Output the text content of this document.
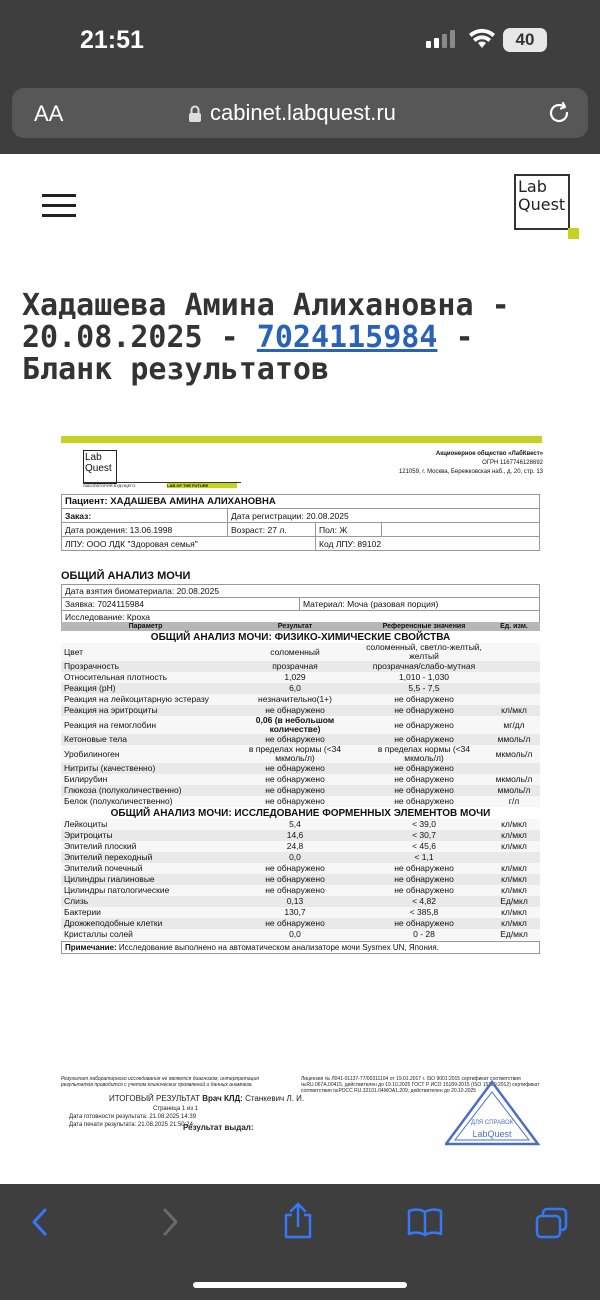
21:51	40
AA	cabinet.labquest.ru
Lab
Quest
Хадашева Амина Алихановна -
20.08.2025 - 7024115984 -
Бланк результатов
Lab
Quest
ЛАБОРАТОРИЯ БУДУЩЕГО	LAB OF THE FUTURE
Акционерное общество «ЛабКвест»
ОГРН 1167746128692
121059, г. Москва, Бережковская наб., д. 20, стр. 13
Пациент: ХАДАШЕВА АМИНА АЛИХАНОВНА			
Заказ:	Дата регистрации: 20.08.2025		
Дата рождения: 13.06.1998	Возраст: 27 л.	Пол: Ж	
ЛПУ: ООО ЛДК "Здоровая семья"		Код ЛПУ: 89102	
ОБЩИЙ АНАЛИЗ МОЧИ
Дата взятия биоматериала: 20.08.2025
Заявка: 7024115984	Материал: Моча (разовая порция)
Исследование: Кроха
Параметр	Результат	Референсные значения	Ед. изм.
ОБЩИЙ АНАЛИЗ МОЧИ: ФИЗИКО-ХИМИЧЕСКИЕ СВОЙСТВА			
Цвет	соломенный	соломенный, светло-желтый, желтый	
Прозрачность	прозрачная	прозрачная/слабо-мутная	
Относительная плотность	1,029	1,010 - 1,030	
Реакция (pH)	6,0	5,5 - 7,5	
Реакция на лейкоцитарную эстеразу	незначительно(1+)	не обнаружено	
Реакция на эритроциты	не обнаружено	не обнаружено	кл/мкл
Реакция на гемоглобин	0,06 (в небольшом количестве)	не обнаружено	мг/дл
Кетоновые тела	не обнаружено	не обнаружено	ммоль/л
Уробилиноген	в пределах нормы (<34 мкмоль/л)	в пределах нормы (<34 мкмоль/л)	мкмоль/л
Нитриты (качественно)	не обнаружено	не обнаружено	
Билирубин	не обнаружено	не обнаружено	мкмоль/л
Глюкоза (полуколичественно)	не обнаружено	не обнаружено	ммоль/л
Белок (полуколичественно)	не обнаружено	не обнаружено	г/л
ОБЩИЙ АНАЛИЗ МОЧИ: ИССЛЕДОВАНИЕ ФОРМЕННЫХ ЭЛЕМЕНТОВ МОЧИ			
Лейкоциты	5,4	< 39,0	кл/мкл
Эритроциты	14,6	< 30,7	кл/мкл
Эпителий плоский	24,8	< 45,6	кл/мкл
Эпителий переходный	0,0	< 1,1	
Эпителий почечный	не обнаружено	не обнаружено	кл/мкл
Цилиндры гиалиновые	не обнаружено	не обнаружено	кл/мкл
Цилиндры патологические	не обнаружено	не обнаружено	кл/мкл
Слизь	0,13	< 4,82	Ед/мкл
Бактерии	130,7	< 385,8	кл/мкл
Дрожжеподобные клетки	не обнаружено	не обнаружено	кл/мкл
Кристаллы солей	0,0	0 - 28	Ед/мкл
Примечание: Исследование выполнено на автоматическом анализаторе мочи Sysmex UN, Япония.
Результат лабораторного исследования не является диагнозом, интерпретация результатов проводится с учетом клинических проявлений и данных анамнеза.
Лицензия № Л041-01137-77/00311104 от 19.01.2017 г. ISO 9001:2015 сертификат соответствия №RU.067А.00415, действителен до 19.10.2025 ГОСТ Р ИСО 15189-2015 (ISO 15189:2012) сертификат соответствия №РОСС RU.32101.04ЖОА1.209, действителен до 20.10.2025
ИТОГОВЫЙ РЕЗУЛЬТАТ Врач КЛД: Станкевич Л. И.
Страница 1 из 1
Дата готовности результата: 21.08.2025 14:39
Дата печати результата: 21.08.2025 21:50:24
Результат выдал:	ДЛЯ СПРАВОК
LabQuest
